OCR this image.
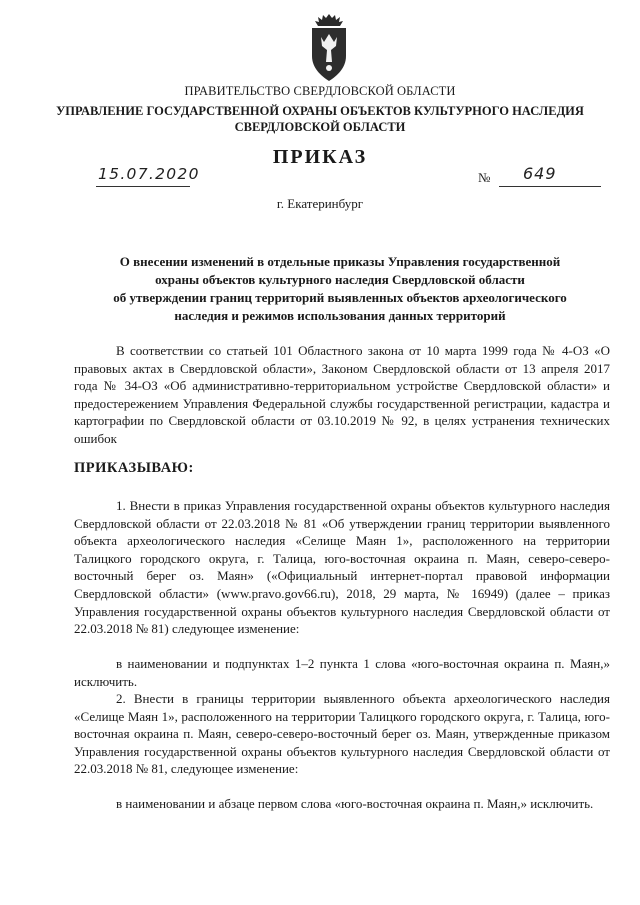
ПРАВИТЕЛЬСТВО СВЕРДЛОВСКОЙ ОБЛАСТИ
УПРАВЛЕНИЕ ГОСУДАРСТВЕННОЙ ОХРАНЫ ОБЪЕКТОВ КУЛЬТУРНОГО НАСЛЕДИЯ
СВЕРДЛОВСКОЙ ОБЛАСТИ
ПРИКАЗ
15.07.2020	№ 649
г. Екатеринбург
О внесении изменений в отдельные приказы Управления государственной
охраны объектов культурного наследия Свердловской области
об утверждении границ территорий выявленных объектов археологического
наследия и режимов использования данных территорий

В соответствии со статьей 101 Областного закона от 10 марта 1999 года № 4-ОЗ «О правовых актах в Свердловской области», Законом Свердловской области от 13 апреля 2017 года № 34-ОЗ «Об административно-территориальном устройстве Свердловской области» и предостережением Управления Федеральной службы государственной регистрации, кадастра и картографии по Свердловской области от 03.10.2019 № 92, в целях устранения технических ошибок

ПРИКАЗЫВАЮ:

1. Внести в приказ Управления государственной охраны объектов культурного наследия Свердловской области от 22.03.2018 № 81 «Об утверждении границ территории выявленного объекта археологического наследия «Селище Маян 1», расположенного на территории Талицкого городского округа, г. Талица, юго-восточная окраина п. Маян, северо-северо-восточный берег оз. Маян» («Официальный интернет-портал правовой информации Свердловской области» (www.pravo.gov66.ru), 2018, 29 марта, № 16949) (далее – приказ Управления государственной охраны объектов культурного наследия Свердловской области от 22.03.2018 № 81) следующее изменение:

в наименовании и подпунктах 1–2 пункта 1 слова «юго-восточная окраина п. Маян,» исключить.

2. Внести в границы территории выявленного объекта археологического наследия «Селище Маян 1», расположенного на территории Талицкого городского округа, г. Талица, юго-восточная окраина п. Маян, северо-северо-восточный берег оз. Маян, утвержденные приказом Управления государственной охраны объектов культурного наследия Свердловской области от 22.03.2018 № 81, следующее изменение:

в наименовании и абзаце первом слова «юго-восточная окраина п. Маян,» исключить.
